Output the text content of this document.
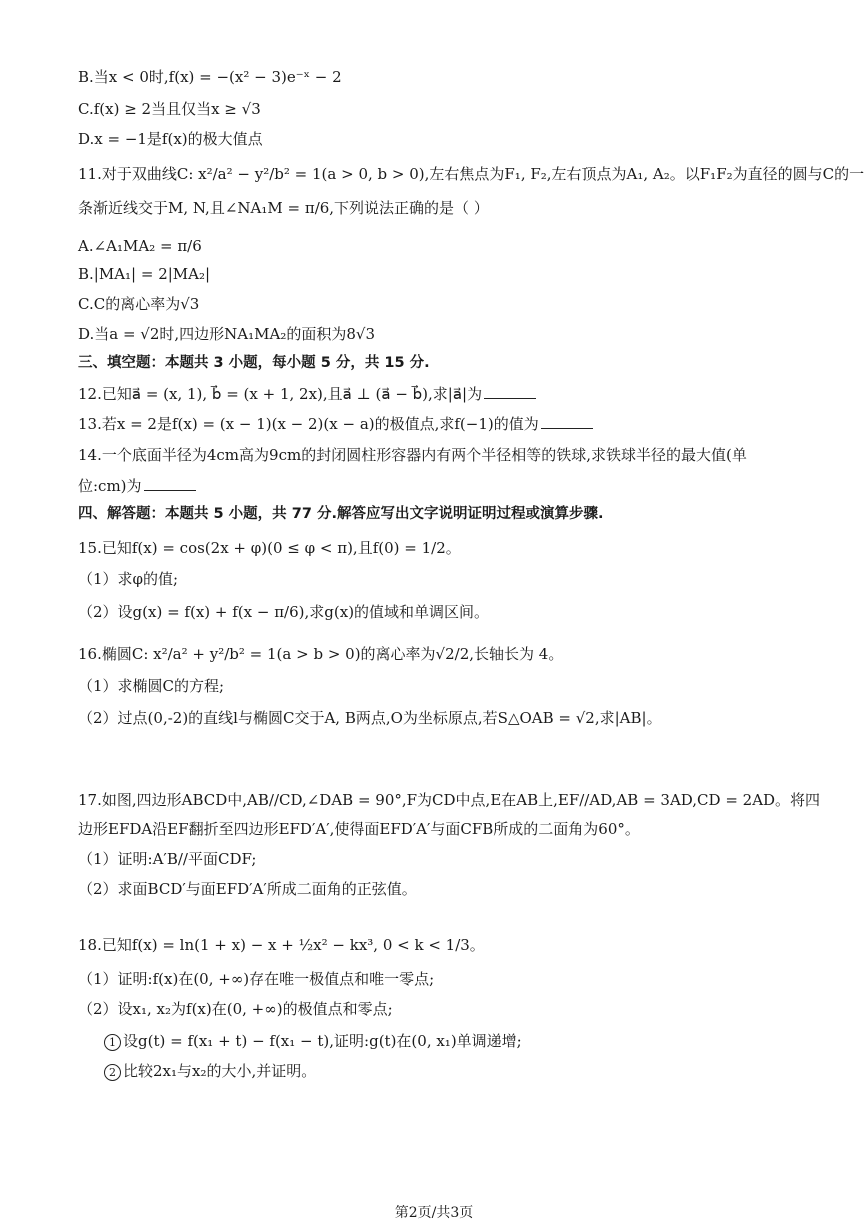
B.当x < 0时,f(x) = −(x² − 3)e⁻ˣ − 2
C.f(x) ≥ 2当且仅当x ≥ √3
D.x = −1是f(x)的极大值点
11.对于双曲线C: x²/a² − y²/b² = 1(a > 0, b > 0),左右焦点为F₁, F₂,左右顶点为A₁, A₂。以F₁F₂为直径的圆与C的一
条渐近线交于M, N,且∠NA₁M = π/6,下列说法正确的是（ ）
A.∠A₁MA₂ = π/6
B.|MA₁| = 2|MA₂|
C.C的离心率为√3
D.当a = √2时,四边形NA₁MA₂的面积为8√3
三、填空题：本题共 3 小题，每小题 5 分，共 15 分.
12.已知a⃗ = (x, 1), b⃗ = (x + 1, 2x),且a⃗ ⊥ (a⃗ − b⃗),求|a⃗|为
13.若x = 2是f(x) = (x − 1)(x − 2)(x − a)的极值点,求f(−1)的值为
14.一个底面半径为4cm高为9cm的封闭圆柱形容器内有两个半径相等的铁球,求铁球半径的最大值(单
位:cm)为
四、解答题：本题共 5 小题，共 77 分.解答应写出文字说明证明过程或演算步骤.
15.已知f(x) = cos(2x + φ)(0 ≤ φ < π),且f(0) = 1/2。
（1）求φ的值;
（2）设g(x) = f(x) + f(x − π/6),求g(x)的值域和单调区间。
16.椭圆C: x²/a² + y²/b² = 1(a > b > 0)的离心率为√2/2,长轴长为 4。
（1）求椭圆C的方程;
（2）过点(0,-2)的直线l与椭圆C交于A, B两点,O为坐标原点,若S△OAB = √2,求|AB|。
17.如图,四边形ABCD中,AB//CD,∠DAB = 90°,F为CD中点,E在AB上,EF//AD,AB = 3AD,CD = 2AD。将四
边形EFDA沿EF翻折至四边形EFD′A′,使得面EFD′A′与面CFB所成的二面角为60°。
（1）证明:A′B//平面CDF;
（2）求面BCD′与面EFD′A′所成二面角的正弦值。
18.已知f(x) = ln(1 + x) − x + ½x² − kx³, 0 < k < 1/3。
（1）证明:f(x)在(0, +∞)存在唯一极值点和唯一零点;
（2）设x₁, x₂为f(x)在(0, +∞)的极值点和零点;
1 设g(t) = f(x₁ + t) − f(x₁ − t),证明:g(t)在(0, x₁)单调递增;
2 比较2x₁与x₂的大小,并证明。
第2页/共3页
